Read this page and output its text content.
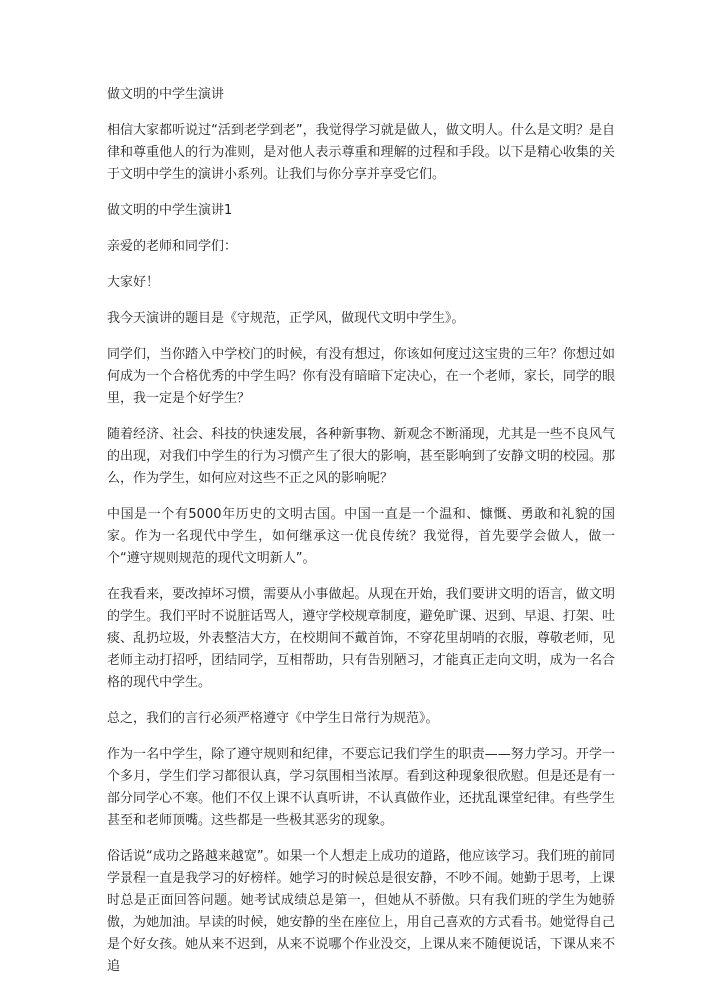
做文明的中学生演讲

相信大家都听说过“活到老学到老”，我觉得学习就是做人，做文明人。什么是文明？是自律和尊重他人的行为准则，是对他人表示尊重和理解的过程和手段。以下是精心收集的关于文明中学生的演讲小系列。让我们与你分享并享受它们。

做文明的中学生演讲1

亲爱的老师和同学们：

大家好！

我今天演讲的题目是《守规范，正学风，做现代文明中学生》。

同学们，当你踏入中学校门的时候，有没有想过，你该如何度过这宝贵的三年？你想过如何成为一个合格优秀的中学生吗？你有没有暗暗下定决心，在一个老师，家长，同学的眼里，我一定是个好学生？

随着经济、社会、科技的快速发展，各种新事物、新观念不断涌现，尤其是一些不良风气的出现，对我们中学生的行为习惯产生了很大的影响，甚至影响到了安静文明的校园。那么，作为学生，如何应对这些不正之风的影响呢？

中国是一个有5000年历史的文明古国。中国一直是一个温和、慷慨、勇敢和礼貌的国家。作为一名现代中学生，如何继承这一优良传统？我觉得，首先要学会做人，做一个“遵守规则规范的现代文明新人”。

在我看来，要改掉坏习惯，需要从小事做起。从现在开始，我们要讲文明的语言，做文明的学生。我们平时不说脏话骂人，遵守学校规章制度，避免旷课、迟到、早退、打架、吐痰、乱扔垃圾，外表整洁大方，在校期间不戴首饰，不穿花里胡哨的衣服，尊敬老师，见老师主动打招呼，团结同学，互相帮助，只有告别陋习，才能真正走向文明，成为一名合格的现代中学生。

总之，我们的言行必须严格遵守《中学生日常行为规范》。

作为一名中学生，除了遵守规则和纪律，不要忘记我们学生的职责——努力学习。开学一个多月，学生们学习都很认真，学习氛围相当浓厚。看到这种现象很欣慰。但是还是有一部分同学心不寒。他们不仅上课不认真听讲，不认真做作业，还扰乱课堂纪律。有些学生甚至和老师顶嘴。这些都是一些极其恶劣的现象。

俗话说“成功之路越来越宽”。如果一个人想走上成功的道路，他应该学习。我们班的前同学景程一直是我学习的好榜样。她学习的时候总是很安静，不吵不闹。她勤于思考，上课时总是正面回答问题。她考试成绩总是第一，但她从不骄傲。只有我们班的学生为她骄傲，为她加油。早读的时候，她安静的坐在座位上，用自己喜欢的方式看书。她觉得自己是个好女孩。她从来不迟到，从来不说哪个作业没交，上课从来不随便说话，下课从来不追
